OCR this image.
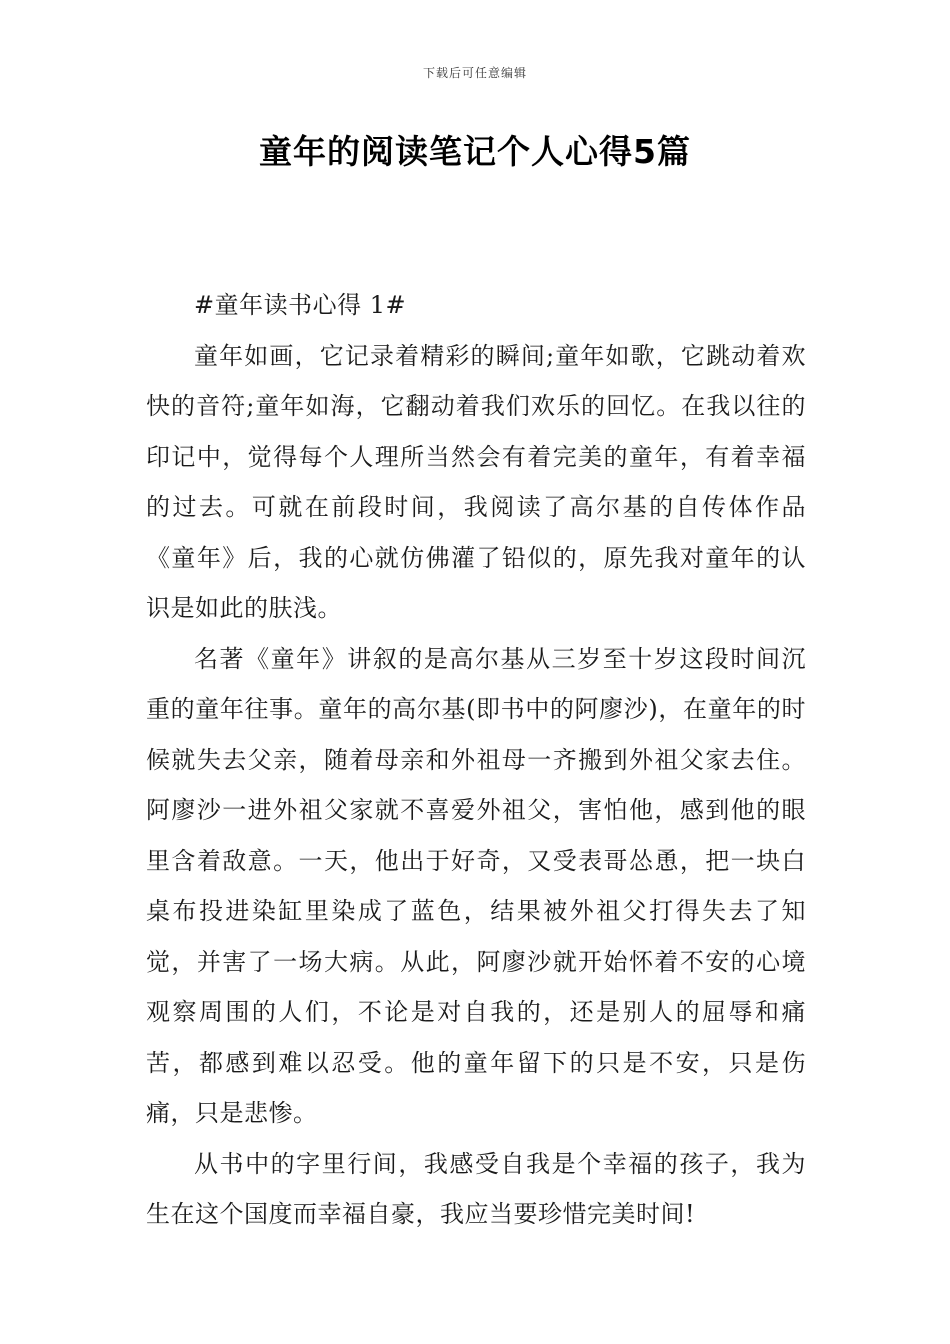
下载后可任意编辑
童年的阅读笔记个人心得5篇
#童年读书心得 1#

童年如画，它记录着精彩的瞬间;童年如歌，它跳动着欢快的音符;童年如海，它翻动着我们欢乐的回忆。在我以往的印记中，觉得每个人理所当然会有着完美的童年，有着幸福的过去。可就在前段时间，我阅读了高尔基的自传体作品《童年》后，我的心就仿佛灌了铅似的，原先我对童年的认识是如此的肤浅。

名著《童年》讲叙的是高尔基从三岁至十岁这段时间沉重的童年往事。童年的高尔基(即书中的阿廖沙)，在童年的时候就失去父亲，随着母亲和外祖母一齐搬到外祖父家去住。阿廖沙一进外祖父家就不喜爱外祖父，害怕他，感到他的眼里含着敌意。一天，他出于好奇，又受表哥怂恿，把一块白桌布投进染缸里染成了蓝色，结果被外祖父打得失去了知觉，并害了一场大病。从此，阿廖沙就开始怀着不安的心境观察周围的人们，不论是对自我的，还是别人的屈辱和痛苦，都感到难以忍受。他的童年留下的只是不安，只是伤痛，只是悲惨。

从书中的字里行间，我感受自我是个幸福的孩子，我为生在这个国度而幸福自豪，我应当要珍惜完美时间!
